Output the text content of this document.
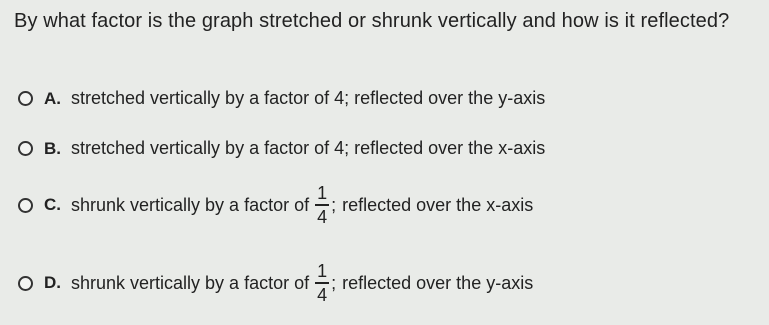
By what factor is the graph stretched or shrunk vertically and how is it reflected?
A. stretched vertically by a factor of 4; reflected over the y-axis
B. stretched vertically by a factor of 4; reflected over the x-axis
C. shrunk vertically by a factor of $\frac{1}{4}$ ; reflected over the x-axis
D. shrunk vertically by a factor of $\frac{1}{4}$ ; reflected over the y-axis
